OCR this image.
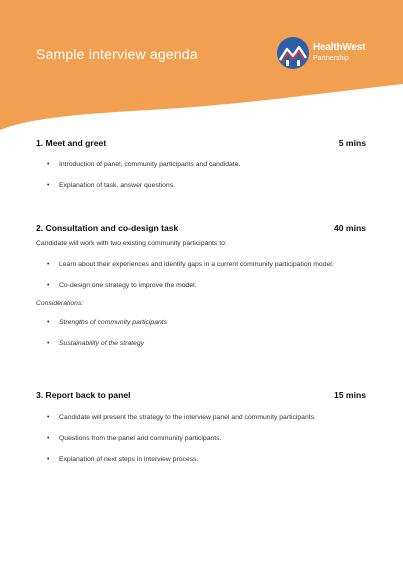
Sample interview agenda	HealthWest
Partnership
1. Meet and greet	5 mins
• Introduction of panel, community participants and candidate.
• Explanation of task, answer questions.
2. Consultation and co-design task	40 mins
Candidate will work with two existing community participants to:
• Learn about their experiences and identify gaps in a current community participation model.
• Co-design one strategy to improve the model.
Considerations:
• Strengths of community participants
• Sustainability of the strategy
3. Report back to panel	15 mins
• Candidate will present the strategy to the interview panel and community participants.
• Questions from the panel and community participants.
• Explanation of next steps in interview process.
